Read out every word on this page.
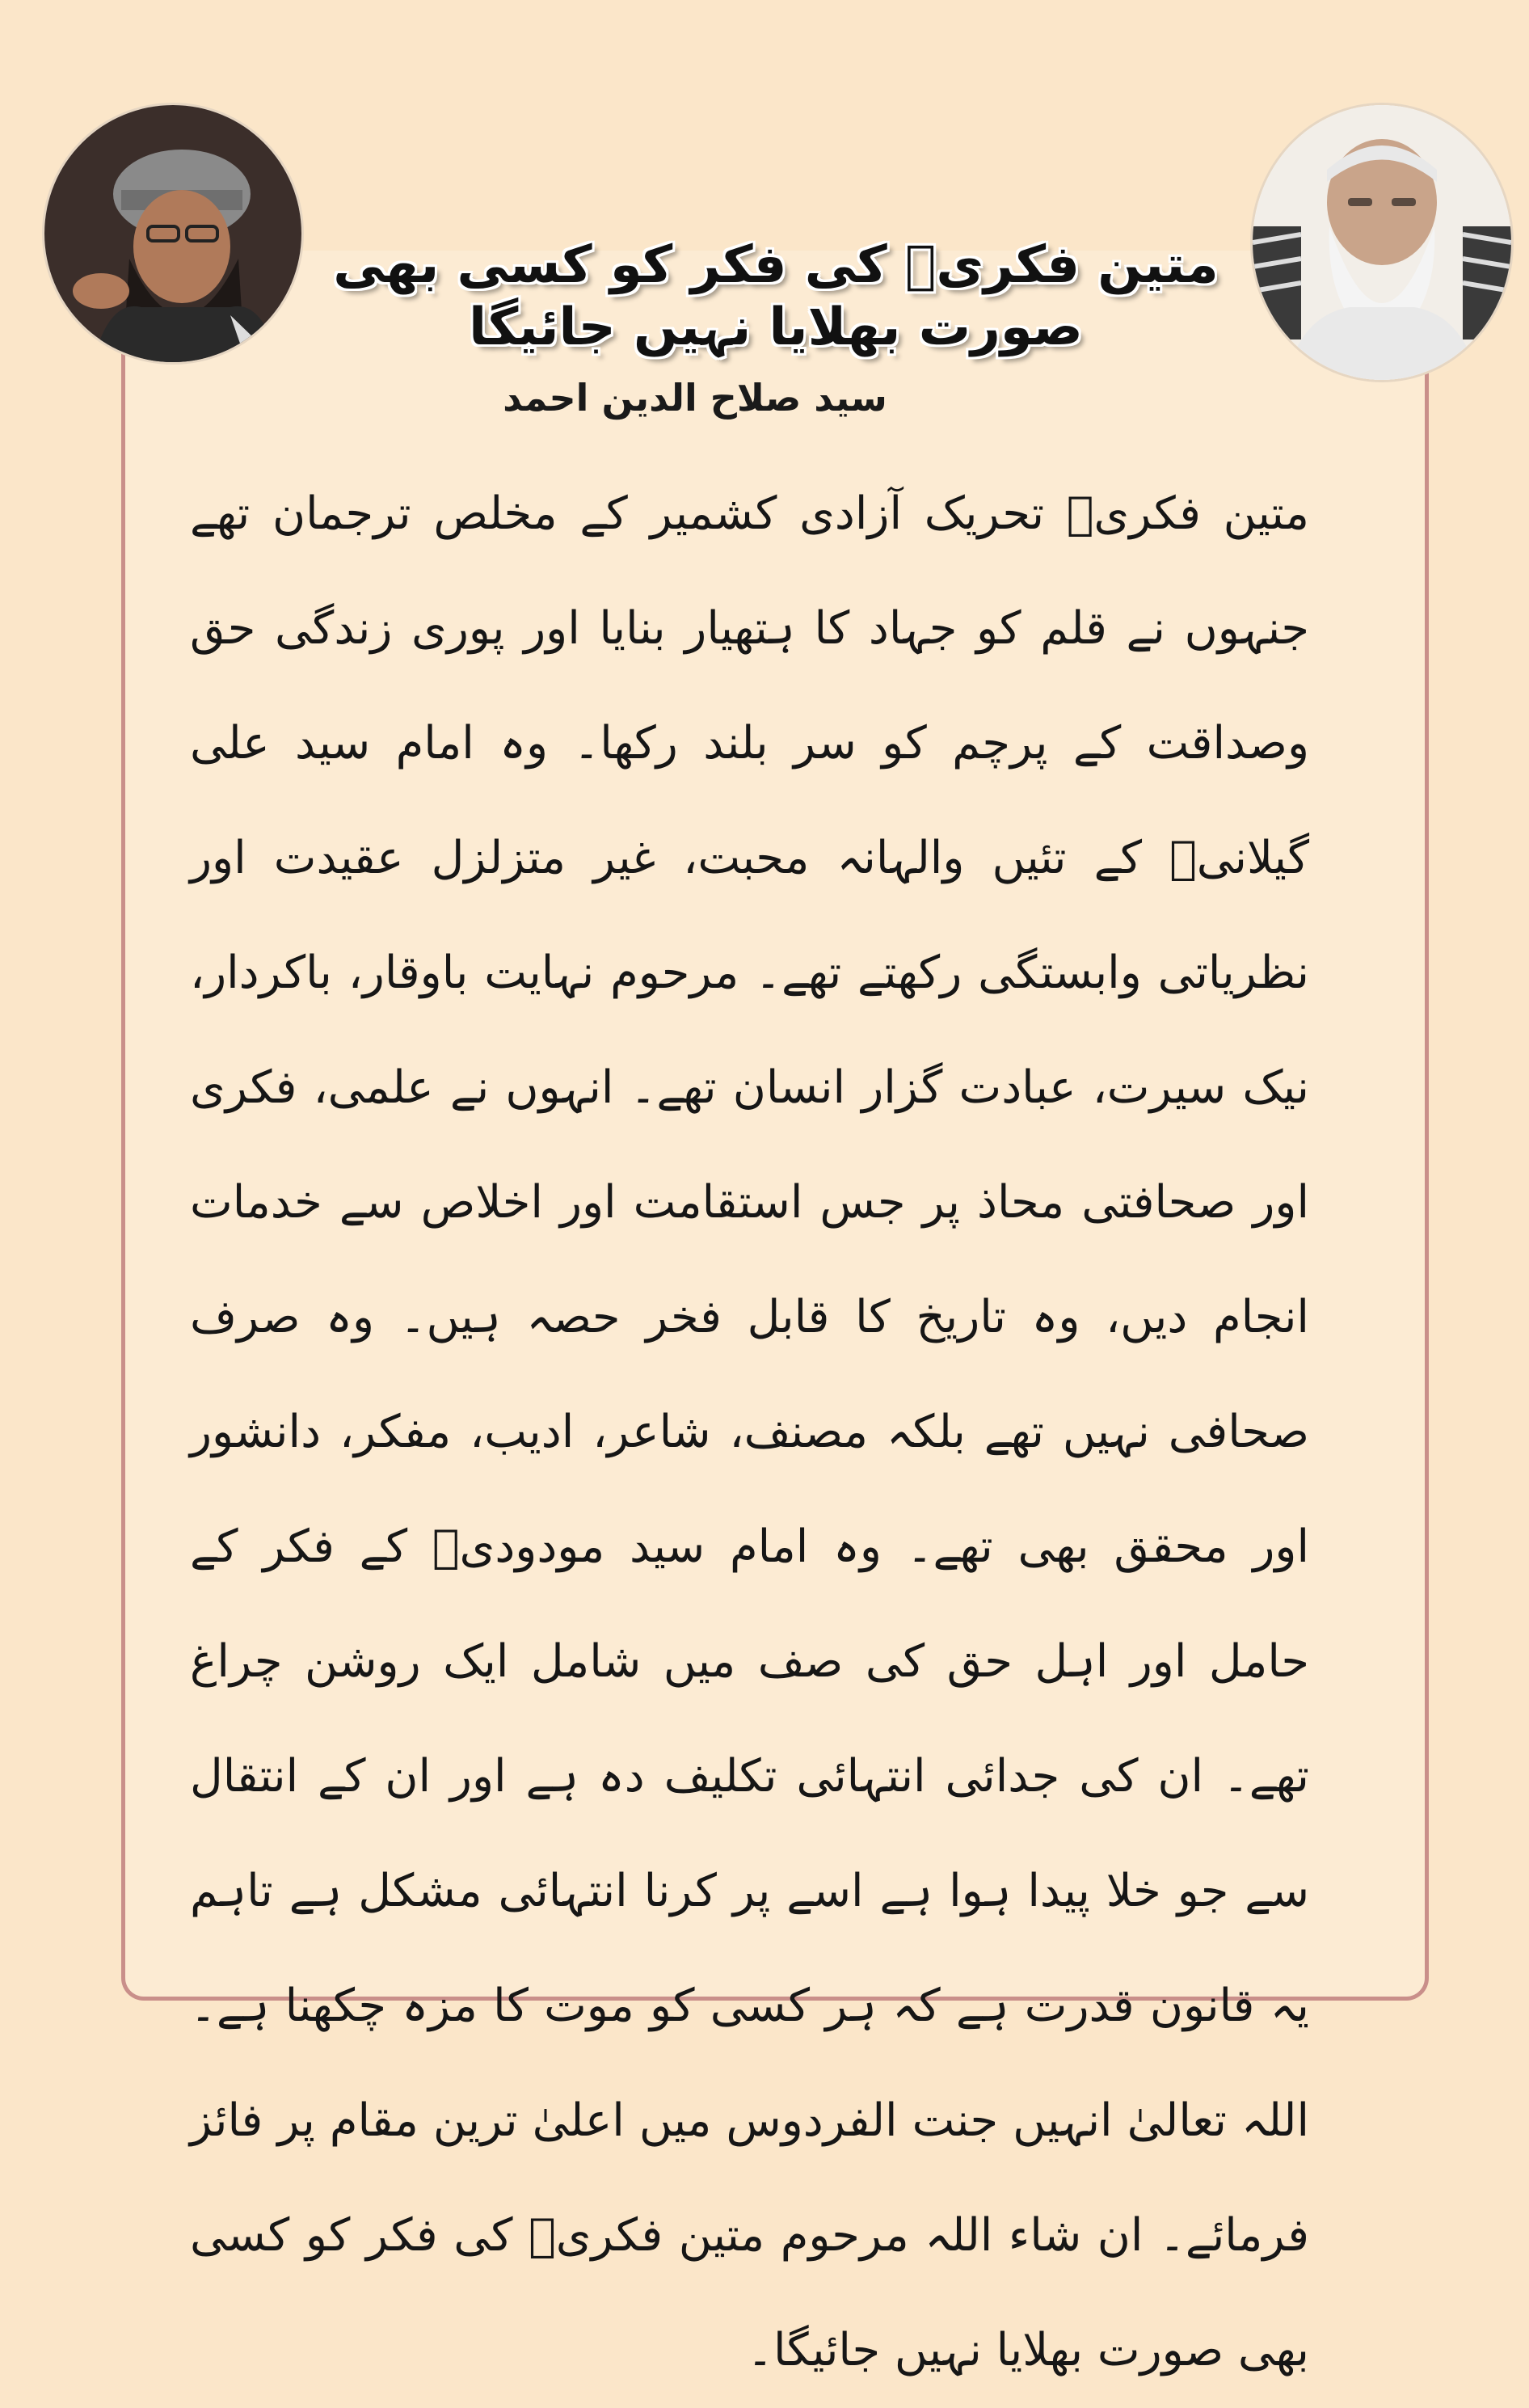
متین فکریؒ کی فکر کو کسی بھی صورت بھلایا نہیں جائیگا
سید صلاح الدین احمد
متین فکریؒ تحریک آزادی کشمیر کے مخلص ترجمان تھے جنہوں نے قلم کو جہاد کا ہتھیار بنایا اور پوری زندگی حق وصداقت کے پرچم کو سر بلند رکھا۔ وہ امام سید علی گیلانیؒ کے تئیں والہانہ محبت، غیر متزلزل عقیدت اور نظریاتی وابستگی رکھتے تھے۔ مرحوم نہایت باوقار، باکردار، نیک سیرت، عبادت گزار انسان تھے۔ انہوں نے علمی، فکری اور صحافتی محاذ پر جس استقامت اور اخلاص سے خدمات انجام دیں، وہ تاریخ کا قابل فخر حصہ ہیں۔ وہ صرف صحافی نہیں تھے بلکہ مصنف، شاعر، ادیب، مفکر، دانشور اور محقق بھی تھے۔ وہ امام سید مودودیؒ کے فکر کے حامل اور اہل حق کی صف میں شامل ایک روشن چراغ تھے۔ ان کی جدائی انتہائی تکلیف دہ ہے اور ان کے انتقال سے جو خلا پیدا ہوا ہے اسے پر کرنا انتہائی مشکل ہے تاہم یہ قانون قدرت ہے کہ ہر کسی کو موت کا مزہ چکھنا ہے۔ اللہ تعالیٰ انہیں جنت الفردوس میں اعلیٰ ترین مقام پر فائز فرمائے۔ ان شاء اللہ مرحوم متین فکریؒ کی فکر کو کسی بھی صورت بھلایا نہیں جائیگا۔
